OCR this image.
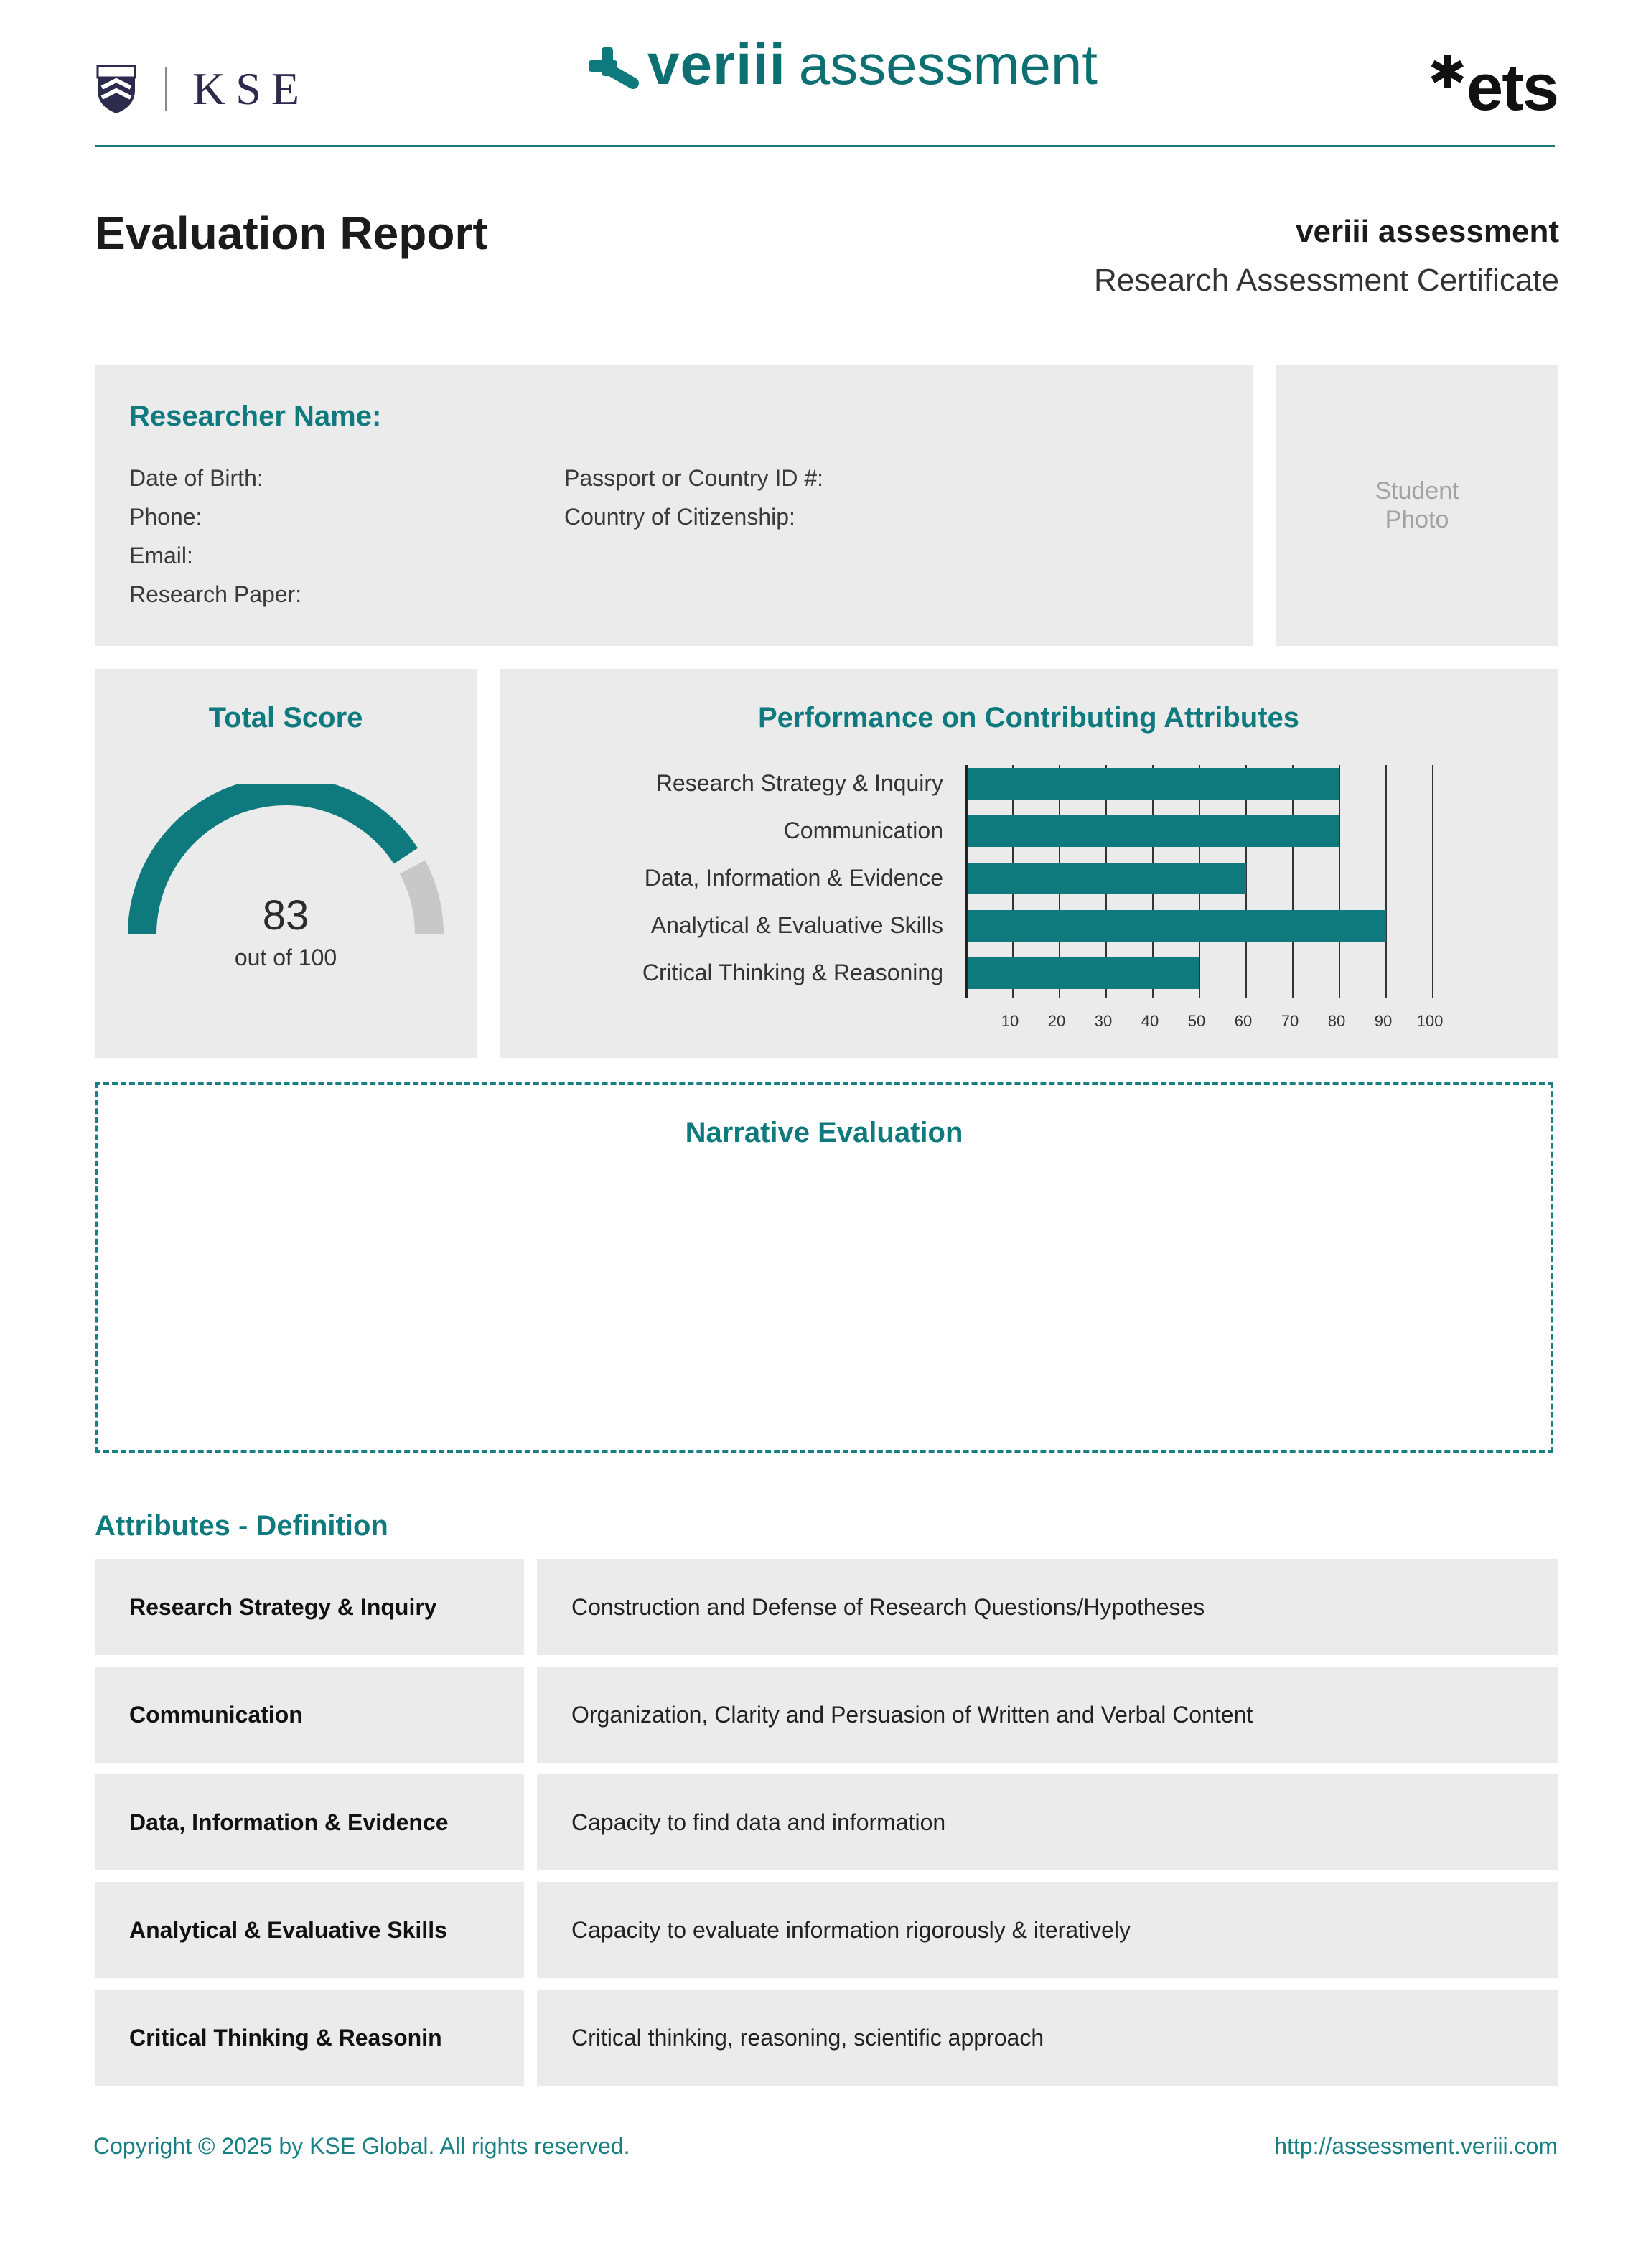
KSE	veriii assessment	✱ ets
Evaluation Report	veriii assessment
Research Assessment Certificate
Researcher Name:
Date of Birth:
Phone:
Email:
Research Paper:
Passport or Country ID #:
Country of Citizenship:
Student
Photo
Total Score
83
out of 100
Performance on Contributing Attributes
Research Strategy & Inquiry
Communication
Data, Information & Evidence
Analytical & Evaluative Skills
Critical Thinking & Reasoning
10 20 30 40 50 60 70 80 90 100
Narrative Evaluation
Attributes - Definition
Research Strategy & Inquiry	Construction and Defense of Research Questions/Hypotheses
Communication	Organization, Clarity and Persuasion of Written and Verbal Content
Data, Information & Evidence	Capacity to find data and information
Analytical & Evaluative Skills	Capacity to evaluate information rigorously & iteratively
Critical Thinking & Reasonin	Critical thinking, reasoning, scientific approach
Copyright © 2025 by KSE Global. All rights reserved.	http://assessment.veriii.com
